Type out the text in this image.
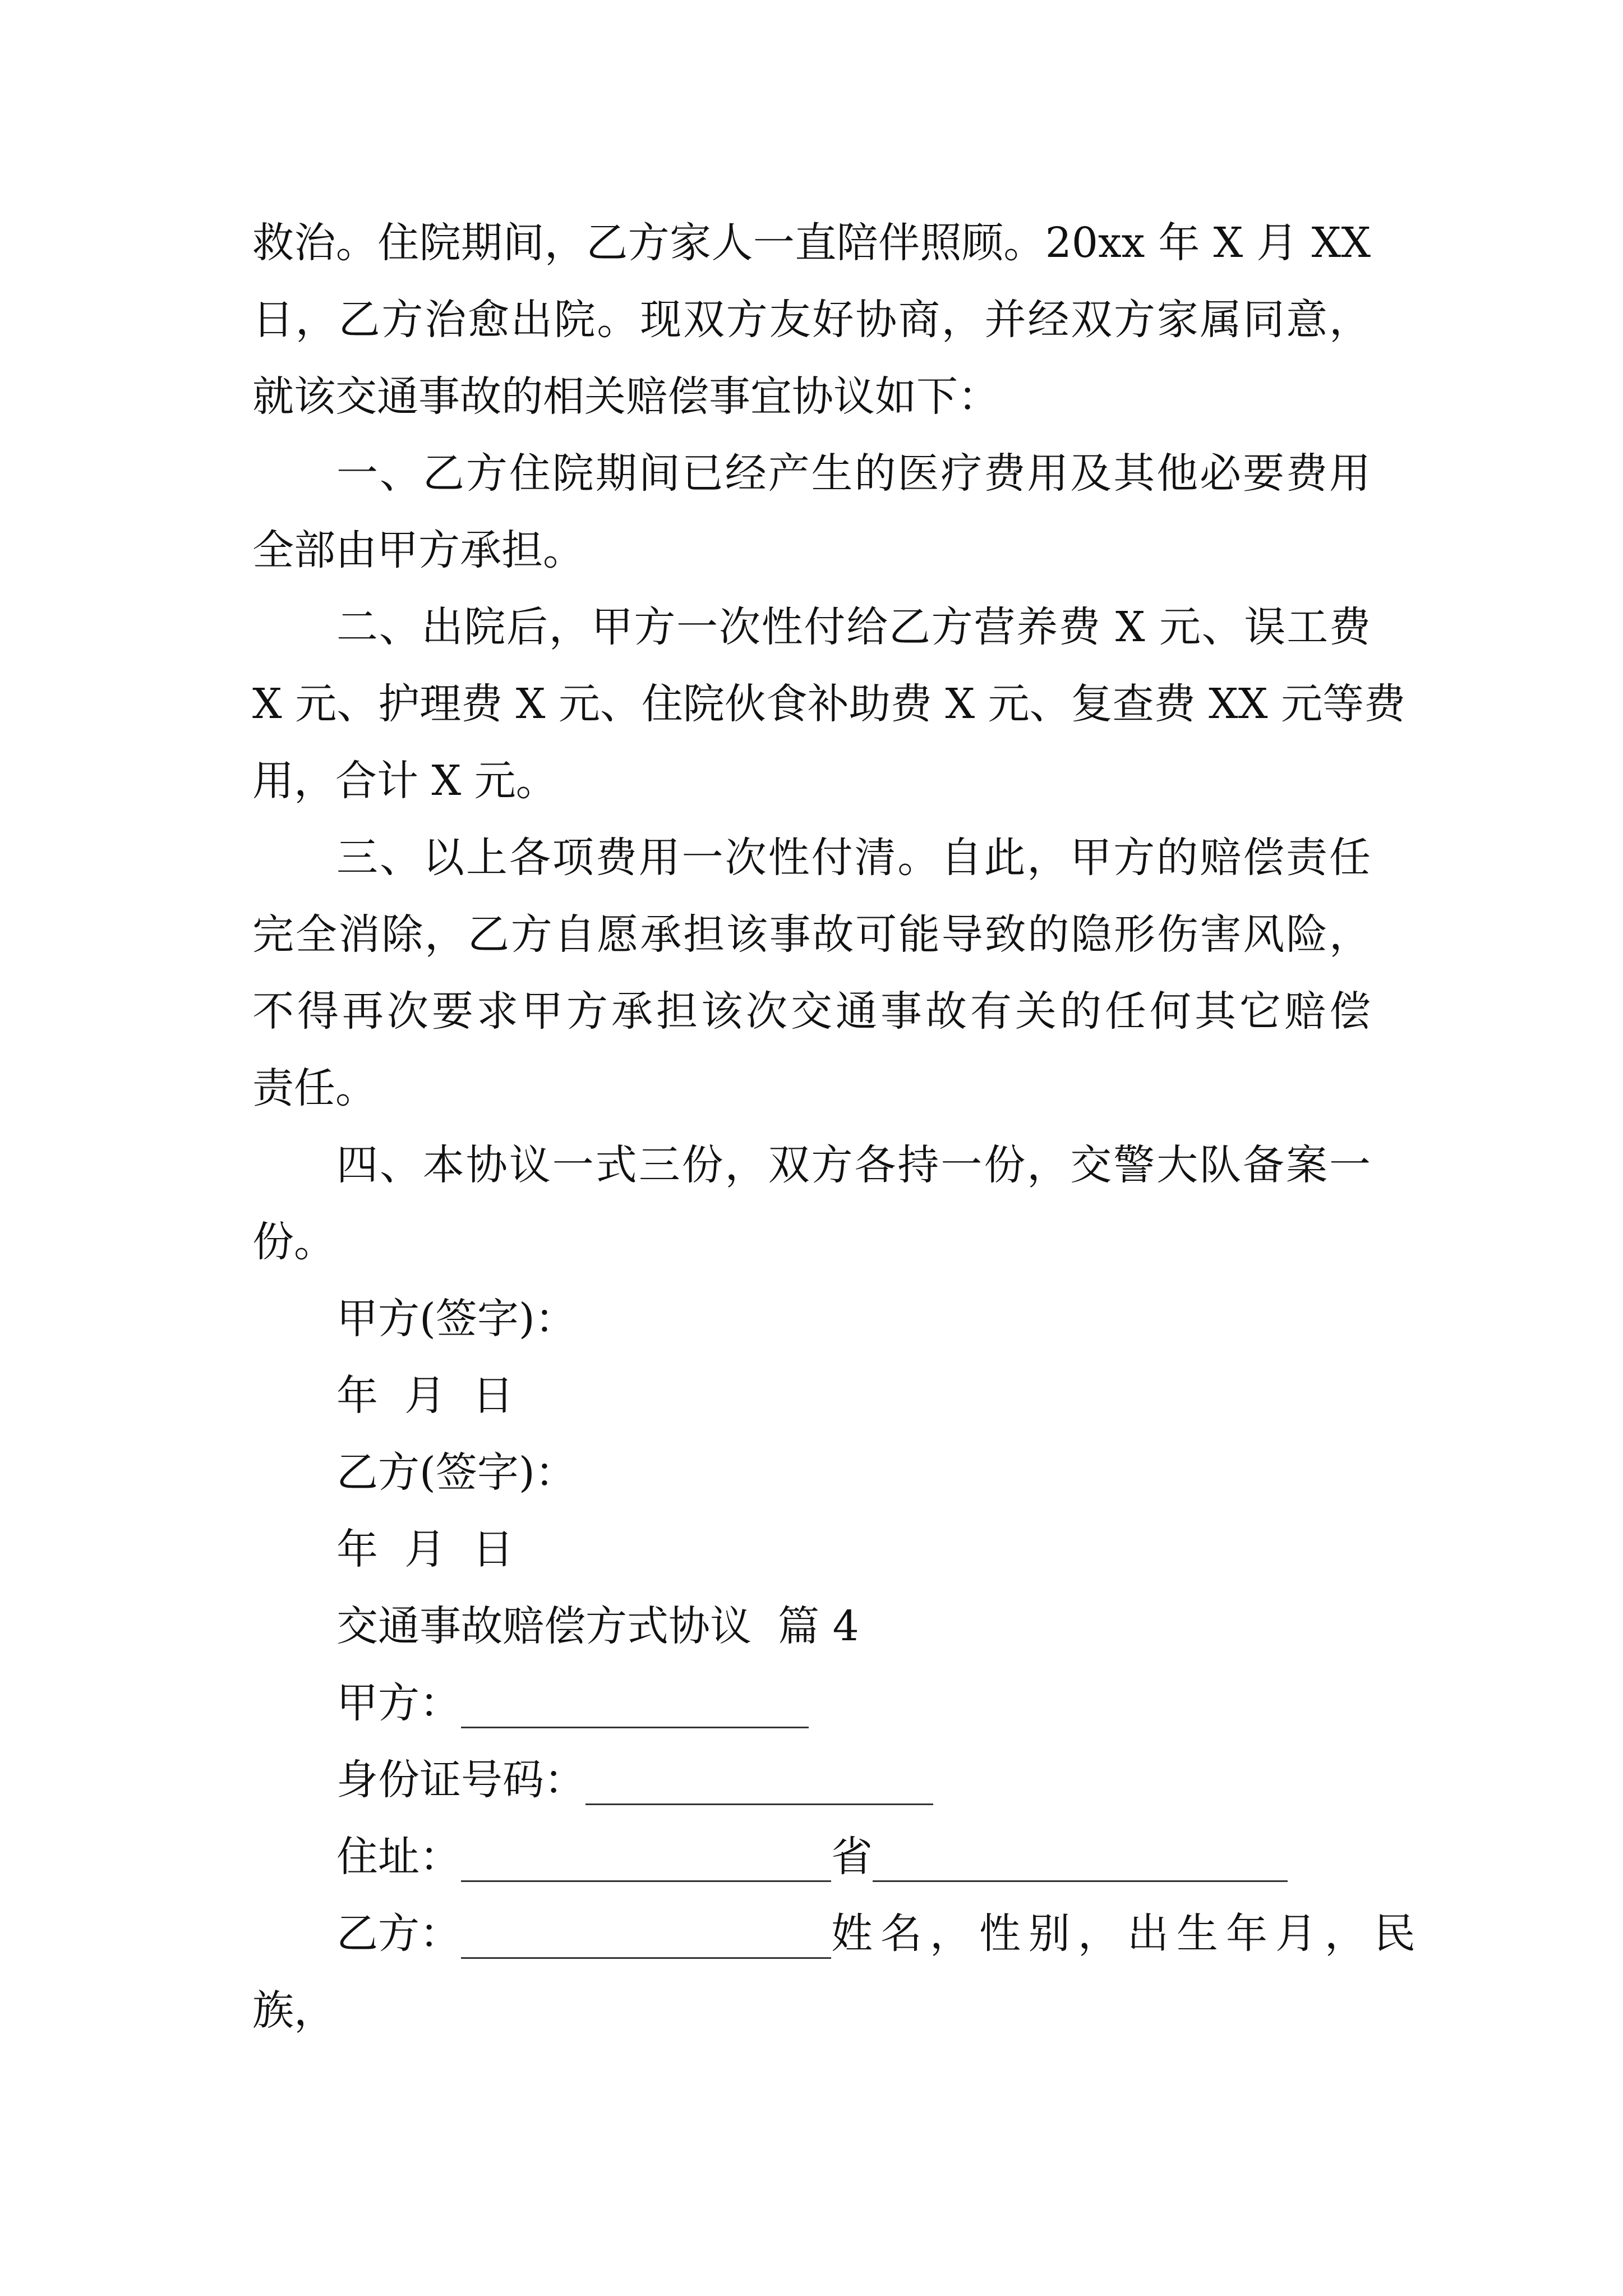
救治。住院期间，乙方家人一直陪伴照顾。20xx 年 X 月 XX
日，乙方治愈出院。现双方友好协商，并经双方家属同意，
就该交通事故的相关赔偿事宜协议如下：
一、乙方住院期间已经产生的医疗费用及其他必要费用
全部由甲方承担。
二、出院后，甲方一次性付给乙方营养费 X 元、误工费
X 元、护理费 X 元、住院伙食补助费 X 元、复查费 XX 元等费
用，合计 X 元。
三、以上各项费用一次性付清。自此，甲方的赔偿责任
完全消除，乙方自愿承担该事故可能导致的隐形伤害风险，
不得再次要求甲方承担该次交通事故有关的任何其它赔偿
责任。
四、本协议一式三份，双方各持一份，交警大队备案一
份。
甲方(签字)：
年  月  日
乙方(签字)：
年  月  日
交通事故赔偿方式协议  篇 4
甲方：
身份证号码：
住址：	省
乙方：	姓名，性别，出生年月，民
族，
